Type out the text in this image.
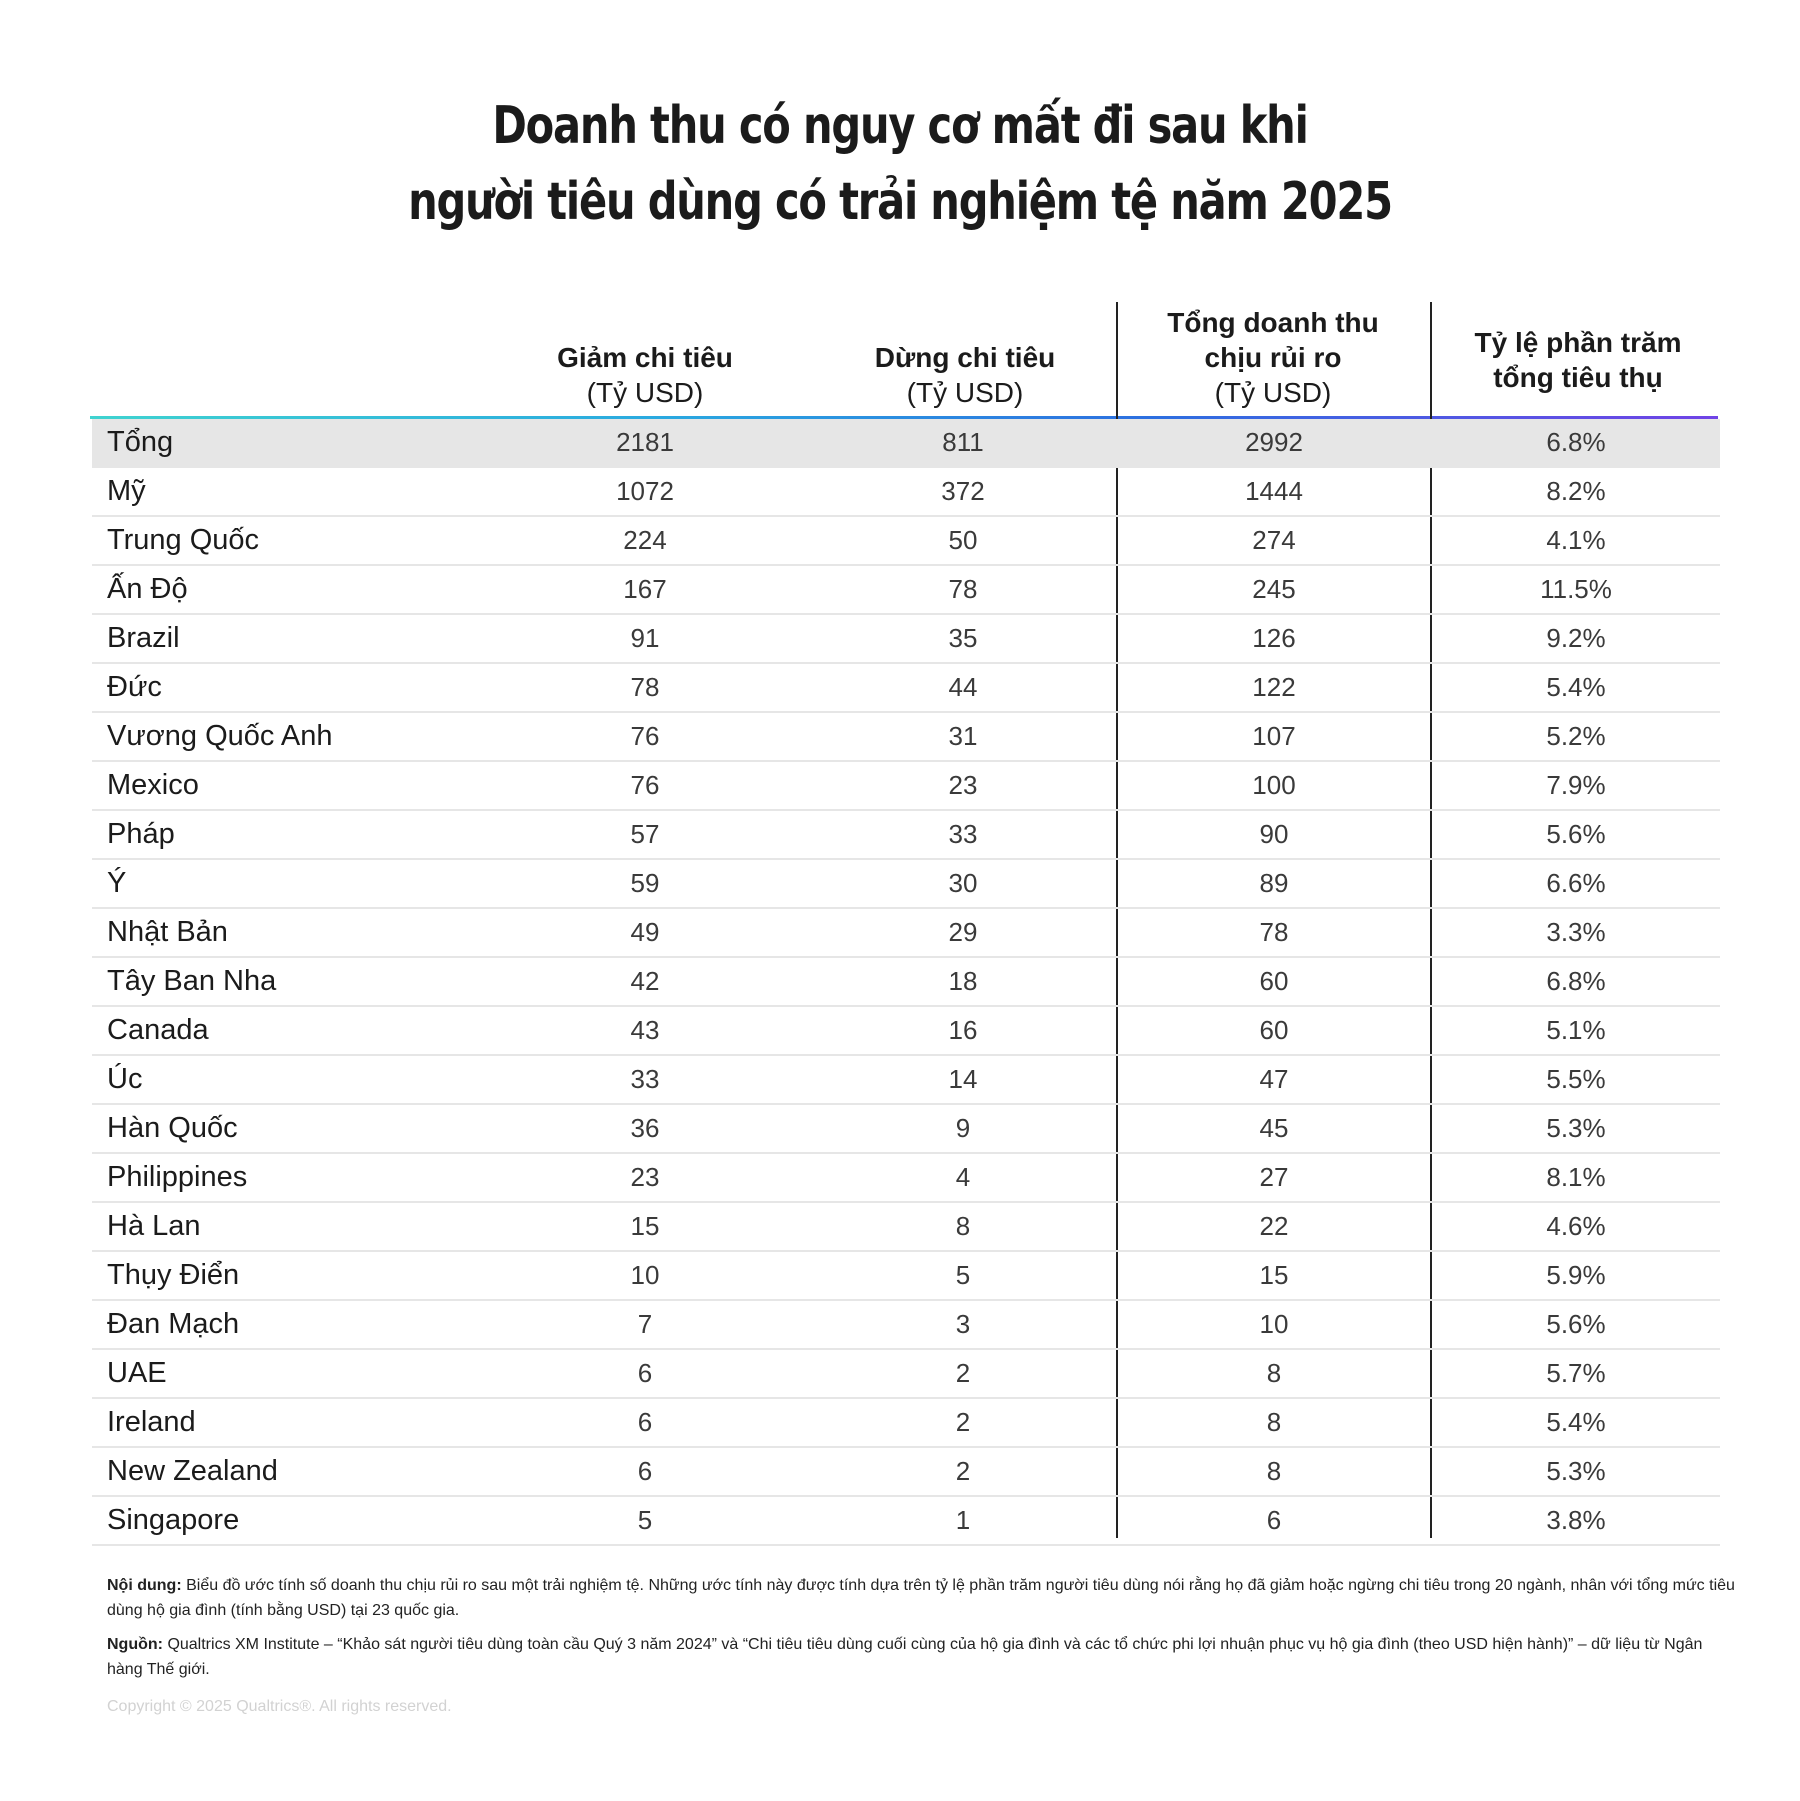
Doanh thu có nguy cơ mất đi sau khi
người tiêu dùng có trải nghiệm tệ năm 2025
Giảm chi tiêu
(Tỷ USD)
Dừng chi tiêu
(Tỷ USD)
Tổng doanh thu
chịu rủi ro
(Tỷ USD)
Tỷ lệ phần trăm
tổng tiêu thụ
Tổng	2181	811	2992	6.8%
Mỹ	1072	372	1444	8.2%
Trung Quốc	224	50	274	4.1%
Ấn Độ	167	78	245	11.5%
Brazil	91	35	126	9.2%
Đức	78	44	122	5.4%
Vương Quốc Anh	76	31	107	5.2%
Mexico	76	23	100	7.9%
Pháp	57	33	90	5.6%
Ý	59	30	89	6.6%
Nhật Bản	49	29	78	3.3%
Tây Ban Nha	42	18	60	6.8%
Canada	43	16	60	5.1%
Úc	33	14	47	5.5%
Hàn Quốc	36	9	45	5.3%
Philippines	23	4	27	8.1%
Hà Lan	15	8	22	4.6%
Thụy Điển	10	5	15	5.9%
Đan Mạch	7	3	10	5.6%
UAE	6	2	8	5.7%
Ireland	6	2	8	5.4%
New Zealand	6	2	8	5.3%
Singapore	5	1	6	3.8%
Nội dung: Biểu đồ ước tính số doanh thu chịu rủi ro sau một trải nghiệm tệ. Những ước tính này được tính dựa trên tỷ lệ phần trăm người tiêu dùng nói rằng họ đã giảm hoặc ngừng chi tiêu trong 20 ngành, nhân với tổng mức tiêu dùng hộ gia đình (tính bằng USD) tại 23 quốc gia.
Nguồn: Qualtrics XM Institute – “Khảo sát người tiêu dùng toàn cầu Quý 3 năm 2024” và “Chi tiêu tiêu dùng cuối cùng của hộ gia đình và các tổ chức phi lợi nhuận phục vụ hộ gia đình (theo USD hiện hành)” – dữ liệu từ Ngân hàng Thế giới.
Copyright © 2025 Qualtrics®. All rights reserved.
